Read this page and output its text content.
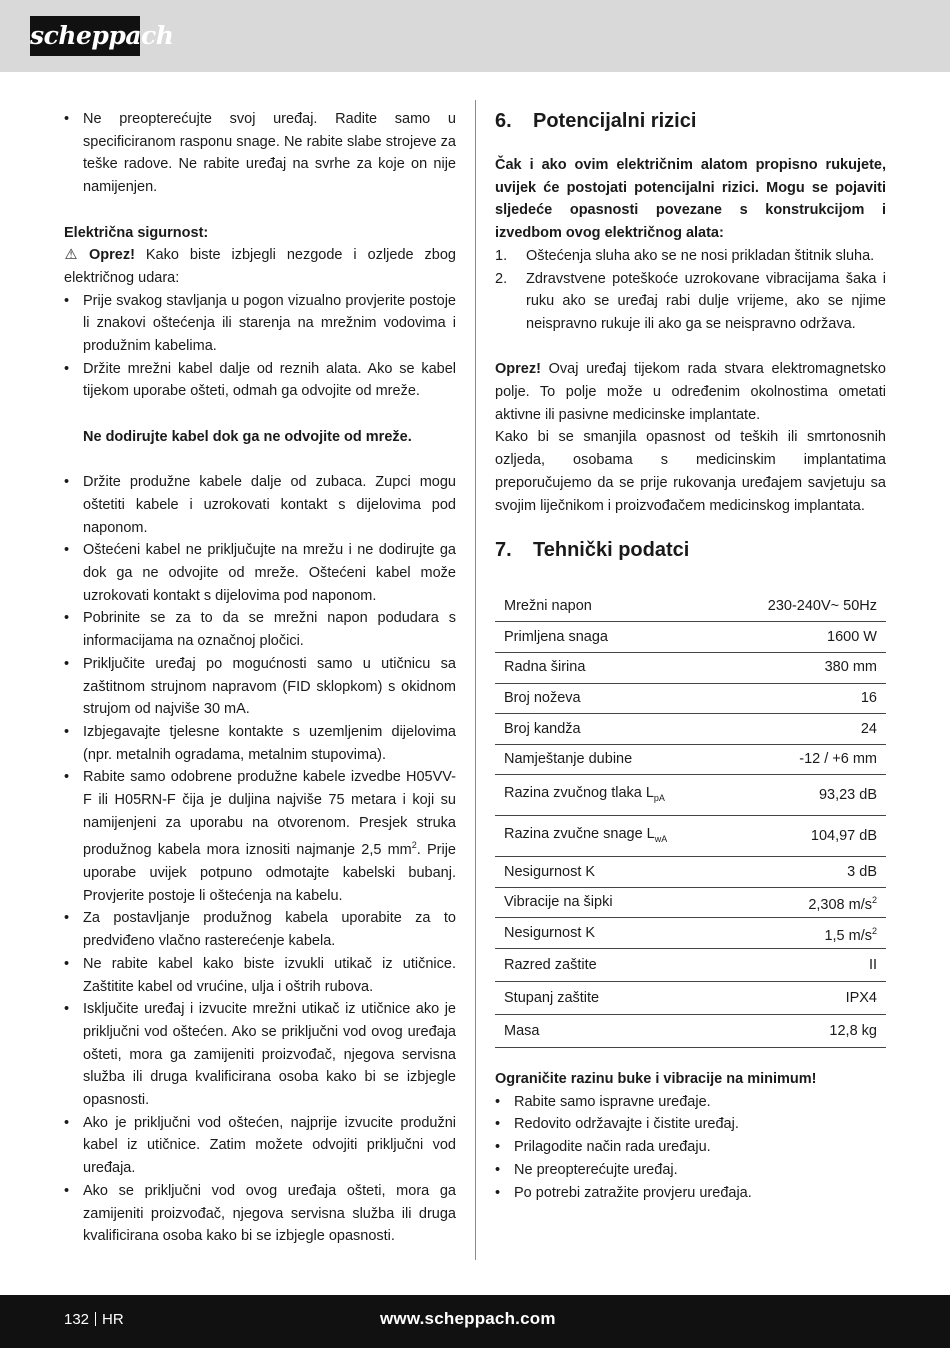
scheppach
• Ne preopterećujte svoj uređaj. Radite samo u specificiranom rasponu snage. Ne rabite slabe strojeve za teške radove. Ne rabite uređaj na svrhe za koje on nije namijenjen.

Električna sigurnost:

⚠ Oprez! Kako biste izbjegli nezgode i ozljede zbog električnog udara:

• Prije svakog stavljanja u pogon vizualno provjerite postoje li znakovi oštećenja ili starenja na mrežnim vodovima i produžnim kabelima.
• Držite mrežni kabel dalje od reznih alata. Ako se kabel tijekom uporabe ošteti, odmah ga odvojite od mreže.

Ne dodirujte kabel dok ga ne odvojite od mreže.

• Držite produžne kabele dalje od zubaca. Zupci mogu oštetiti kabele i uzrokovati kontakt s dijelovima pod naponom.
• Oštećeni kabel ne priključujte na mrežu i ne dodirujte ga dok ga ne odvojite od mreže. Oštećeni kabel može uzrokovati kontakt s dijelovima pod naponom.
• Pobrinite se za to da se mrežni napon podudara s informacijama na označnoj pločici.
• Priključite uređaj po mogućnosti samo u utičnicu sa zaštitnom strujnom napravom (FID sklopkom) s okidnom strujom od najviše 30 mA.
• Izbjegavajte tjelesne kontakte s uzemljenim dijelovima (npr. metalnih ogradama, metalnim stupovima).
• Rabite samo odobrene produžne kabele izvedbe H05VV-F ili H05RN-F čija je duljina najviše 75 metara i koji su namijenjeni za uporabu na otvorenom. Presjek struka produžnog kabela mora iznositi najmanje 2,5 $mm^2$. Prije uporabe uvijek potpuno odmotajte kabelski bubanj. Provjerite postoje li oštećenja na kabelu.
• Za postavljanje produžnog kabela uporabite za to predviđeno vlačno rasterećenje kabela.
• Ne rabite kabel kako biste izvukli utikač iz utičnice. Zaštitite kabel od vrućine, ulja i oštrih rubova.
• Isključite uređaj i izvucite mrežni utikač iz utičnice ako je priključni vod oštećen. Ako se priključni vod ovog uređaja ošteti, mora ga zamijeniti proizvođač, njegova servisna služba ili druga kvalificirana osoba kako bi se izbjegle opasnosti.
• Ako je priključni vod oštećen, najprije izvucite produžni kabel iz utičnice. Zatim možete odvojiti priključni vod uređaja.
• Ako se priključni vod ovog uređaja ošteti, mora ga zamijeniti proizvođač, njegova servisna služba ili druga kvalificirana osoba kako bi se izbjegle opasnosti.
6. Potencijalni rizici

Čak i ako ovim električnim alatom propisno rukujete, uvijek će postojati potencijalni rizici. Mogu se pojaviti sljedeće opasnosti povezane s konstrukcijom i izvedbom ovog električnog alata:

1. Oštećenja sluha ako se ne nosi prikladan štitnik sluha.
2. Zdravstvene poteškoće uzrokovane vibracijama šaka i ruku ako se uređaj rabi dulje vrijeme, ako se njime neispravno rukuje ili ako ga se neispravno održava.

Oprez! Ovaj uređaj tijekom rada stvara elektromagnetsko polje. To polje može u određenim okolnostima ometati aktivne ili pasivne medicinske implantate.

Kako bi se smanjila opasnost od teških ili smrtonosnih ozljeda, osobama s medicinskim implantatima preporučujemo da se prije rukovanja uređajem savjetuju sa svojim liječnikom i proizvođačem medicinskog implantata.

7. Tehnički podatci
Mrežni napon	230-240V~ 50Hz
Primljena snaga	1600 W
Radna širina	380 mm
Broj noževa	16
Broj kandža	24
Namještanje dubine	-12 / +6 mm
Razina zvučnog tlaka $L_{pA}$	93,23 dB
Razina zvučne snage $L_{wA}$	104,97 dB
Nesigurnost K	3 dB
Vibracije na šipki	2,308 $m/s^2$
Nesigurnost K	1,5 $m/s^2$
Razred zaštite	II
Stupanj zaštite	IPX4
Masa	12,8 kg

Ograničite razinu buke i vibracije na minimum!

• Rabite samo ispravne uređaje.
• Redovito održavajte i čistite uređaj.
• Prilagodite način rada uređaju.
• Ne preopterećujte uređaj.
• Po potrebi zatražite provjeru uređaja.
132 HR	www.scheppach.com
